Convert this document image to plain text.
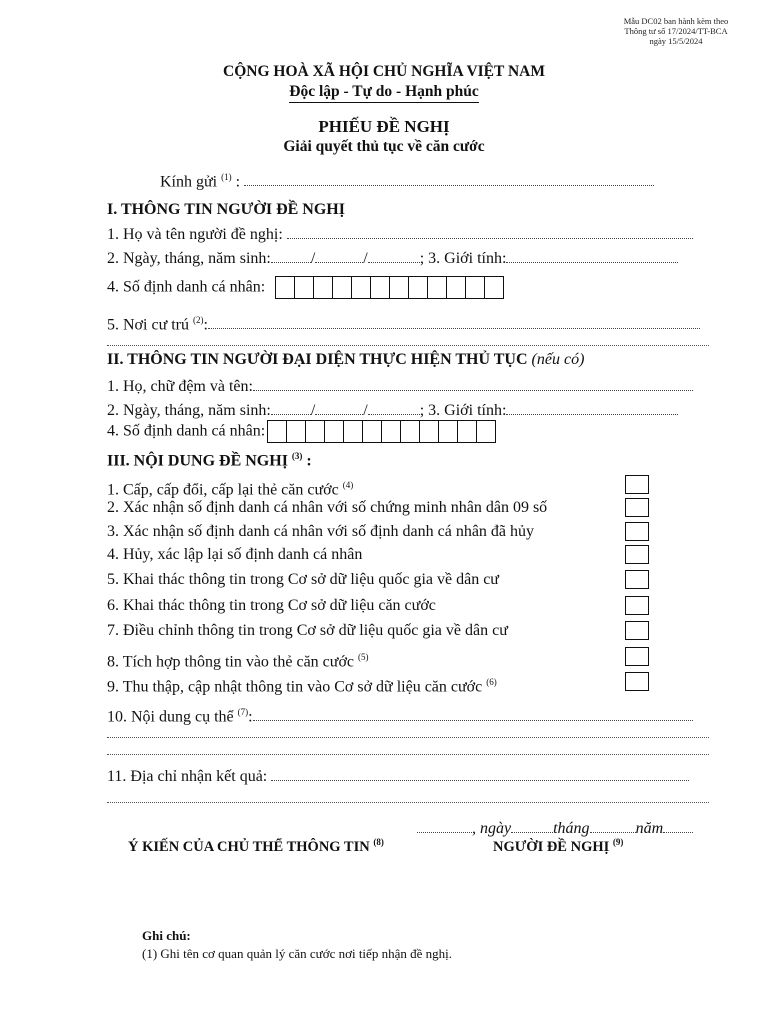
Mẫu DC02 ban hành kèm theo
Thông tư số 17/2024/TT-BCA
ngày 15/5/2024
CỘNG HOÀ XÃ HỘI CHỦ NGHĨA VIỆT NAM
Độc lập - Tự do - Hạnh phúc
PHIẾU ĐỀ NGHỊ
Giải quyết thủ tục về căn cước
Kính gửi $^{(1)}$ :
I. THÔNG TIN NGƯỜI ĐỀ NGHỊ
1. Họ và tên người đề nghị:
2. Ngày, tháng, năm sinh:	/	/	; 3. Giới tính:
4. Số định danh cá nhân:
5. Nơi cư trú $^{(2)}$:
II. THÔNG TIN NGƯỜI ĐẠI DIỆN THỰC HIỆN THỦ TỤC (nếu có)
1. Họ, chữ đệm và tên:
2. Ngày, tháng, năm sinh:	/	/	; 3. Giới tính:
4. Số định danh cá nhân:
III. NỘI DUNG ĐỀ NGHỊ $^{(3)}$ :
1. Cấp, cấp đổi, cấp lại thẻ căn cước $^{(4)}$
2. Xác nhận số định danh cá nhân với số chứng minh nhân dân 09 số
3. Xác nhận số định danh cá nhân với số định danh cá nhân đã hủy
4. Hủy, xác lập lại số định danh cá nhân
5. Khai thác thông tin trong Cơ sở dữ liệu quốc gia về dân cư
6. Khai thác thông tin trong Cơ sở dữ liệu căn cước
7. Điều chỉnh thông tin trong Cơ sở dữ liệu quốc gia về dân cư
8. Tích hợp thông tin vào thẻ căn cước $^{(5)}$
9. Thu thập, cập nhật thông tin vào Cơ sở dữ liệu căn cước $^{(6)}$
10. Nội dung cụ thể $^{(7)}$:
11. Địa chỉ nhận kết quả:
, ngày	tháng	năm
Ý KIẾN CỦA CHỦ THỂ THÔNG TIN $^{(8)}$	NGƯỜI ĐỀ NGHỊ $^{(9)}$
Ghi chú:
(1) Ghi tên cơ quan quản lý căn cước nơi tiếp nhận đề nghị.
